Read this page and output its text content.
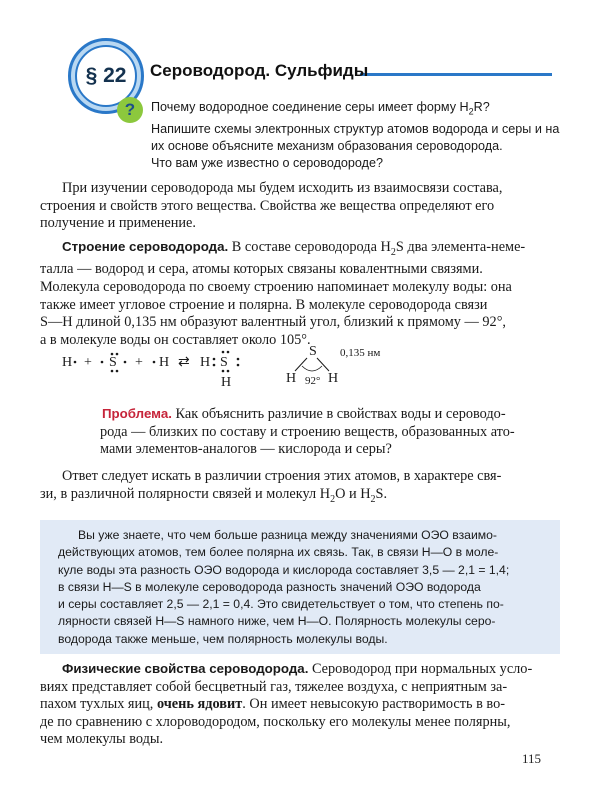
§ 22 Сероводород. Сульфиды
?	Почему водородное соединение серы имеет форму $H_2R$?
Напишите схемы электронных структур атомов водорода и серы и на
их основе объясните механизм образования сероводорода.
Что вам уже известно о сероводороде?
При изучении сероводорода мы будем исходить из взаимосвязи состава,
строения и свойств этого вещества. Свойства же вещества определяют его
получение и применение.
Строение сероводорода. В составе сероводорода $H_2S$ два элемента-неме-
талла — водород и сера, атомы которых связаны ковалентными связями.
Молекула сероводорода по своему строению напоминает молекулу воды: она
также имеет угловое строение и полярна. В молекуле сероводорода связи
S—H длиной 0,135 нм образуют валентный угол, близкий к прямому — 92°,
а в молекуле воды он составляет около 105°.
H + S + H ⇄ H S
H
S
H H
92°
0,135 нм
Проблема. Как объяснить различие в свойствах воды и сероводо-
рода — близких по составу и строению веществ, образованных ато-
мами элементов-аналогов — кислорода и серы?
Ответ следует искать в различии строения этих атомов, в характере свя-
зи, в различной полярности связей и молекул $H_2O$ и $H_2S$.
Вы уже знаете, что чем больше разница между значениями ОЭО взаимо-
действующих атомов, тем более полярна их связь. Так, в связи H—O в моле-
куле воды эта разность ОЭО водорода и кислорода составляет 3,5 — 2,1 = 1,4;
в связи H—S в молекуле сероводорода разность значений ОЭО водорода
и серы составляет 2,5 — 2,1 = 0,4. Это свидетельствует о том, что степень по-
лярности связей H—S намного ниже, чем H—O. Полярность молекулы серо-
водорода также меньше, чем полярность молекулы воды.
Физические свойства сероводорода. Сероводород при нормальных усло-
виях представляет собой бесцветный газ, тяжелее воздуха, с неприятным за-
пахом тухлых яиц, очень ядовит. Он имеет невысокую растворимость в во-
де по сравнению с хлороводородом, поскольку его молекулы менее полярны,
чем молекулы воды.
115
